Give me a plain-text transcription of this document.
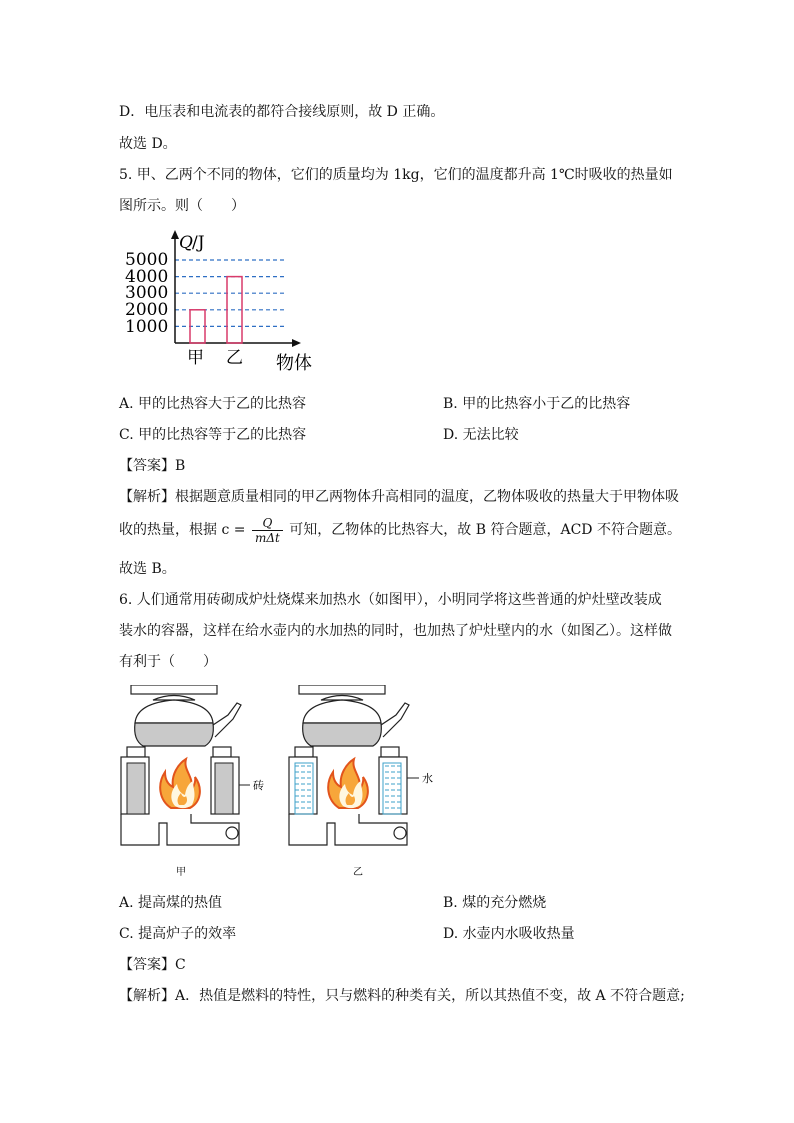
D．电压表和电流表的都符合接线原则，故 D 正确。
故选 D。
5. 甲、乙两个不同的物体，它们的质量均为 1kg，它们的温度都升高 1℃时吸收的热量如
图所示。则（　　）
Q /J
5000
4000
3000
2000
1000
甲 乙 物体
A. 甲的比热容大于乙的比热容	B. 甲的比热容小于乙的比热容
C. 甲的比热容等于乙的比热容	D. 无法比较
【答案】B
【解析】根据题意质量相同的甲乙两物体升高相同的温度，乙物体吸收的热量大于甲物体吸
收的热量，根据 $c = \frac{Q}{\text{mΔt}}$ 可知，乙物体的比热容大，故 B 符合题意，ACD 不符合题意。
故选 B。
6. 人们通常用砖砌成炉灶烧煤来加热水（如图甲），小明同学将这些普通的炉灶壁改装成
装水的容器，这样在给水壶内的水加热的同时，也加热了炉灶壁内的水（如图乙）。这样做
有利于（　　）
砖
甲
水
乙
A. 提高煤的热值	B. 煤的充分燃烧
C. 提高炉子的效率	D. 水壶内水吸收热量
【答案】C
【解析】A．热值是燃料的特性，只与燃料的种类有关，所以其热值不变，故 A 不符合题意;
